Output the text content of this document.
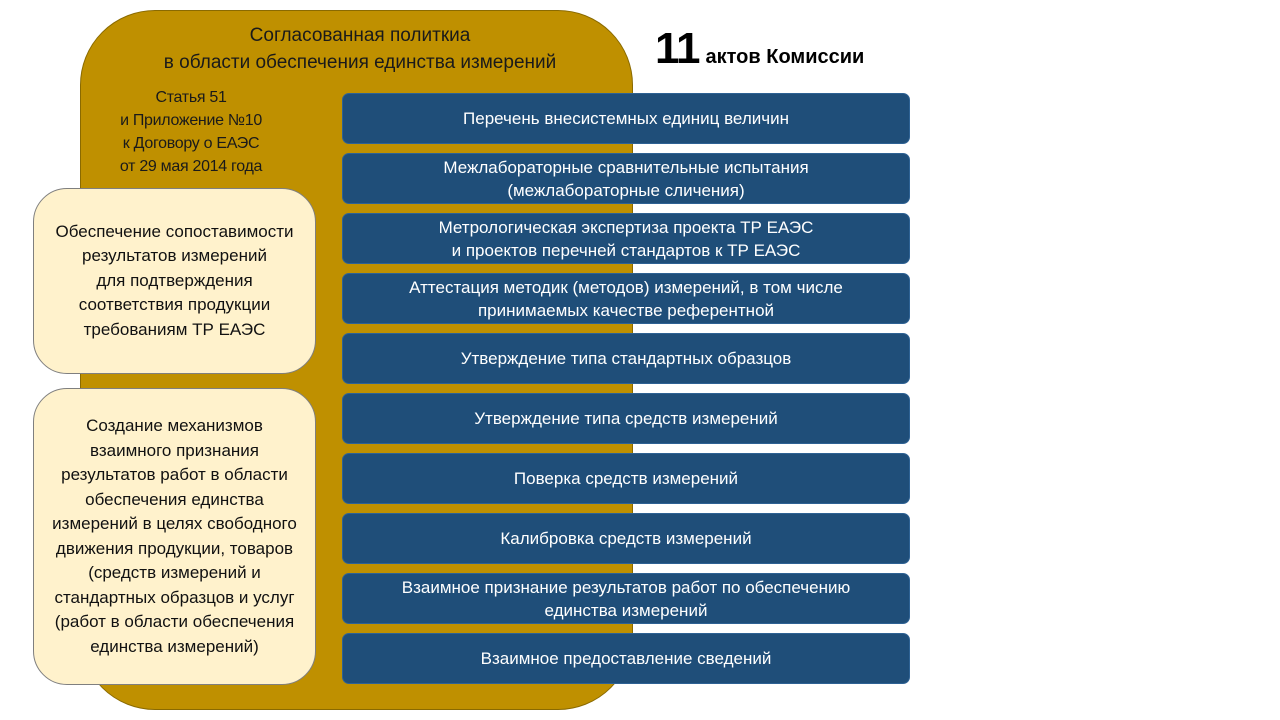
Согласованная политкиа
в области обеспечения единства измерений
Статья 51
и Приложение №10
к Договору о ЕАЭС
от 29 мая 2014 года
11 актов Комиссии
Обеспечение сопоставимости
результатов измерений
для подтверждения
соответствия продукции
требованиям ТР ЕАЭС
Создание механизмов
взаимного признания
результатов работ в области
обеспечения единства
измерений в целях свободного
движения продукции, товаров
(средств измерений и
стандартных образцов и услуг
(работ в области обеспечения
единства измерений)
Перечень внесистемных единиц величин
Межлабораторные сравнительные испытания
(межлабораторные сличения)
Метрологическая экспертиза проекта ТР ЕАЭС
и проектов перечней стандартов к ТР ЕАЭС
Аттестация методик (методов) измерений, в том числе
принимаемых качестве референтной
Утверждение типа стандартных образцов
Утверждение типа средств измерений
Поверка средств измерений
Калибровка средств измерений
Взаимное признание результатов работ по обеспечению
единства измерений
Взаимное предоставление сведений
